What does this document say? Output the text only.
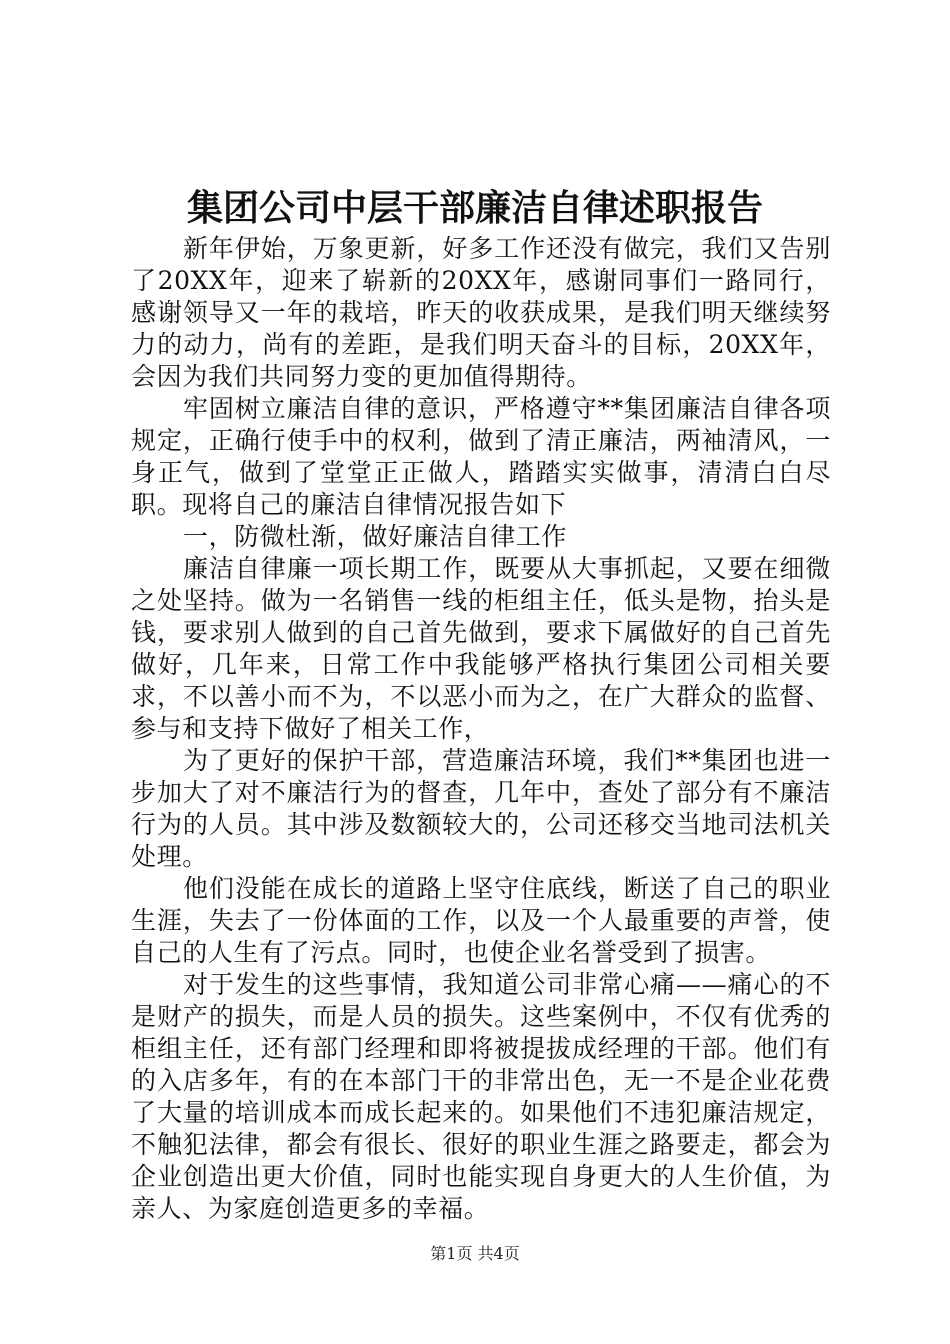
集团公司中层干部廉洁自律述职报告

新年伊始，万象更新，好多工作还没有做完，我们又告别了20XX年，迎来了崭新的20XX年，感谢同事们一路同行，感谢领导又一年的栽培，昨天的收获成果，是我们明天继续努力的动力，尚有的差距，是我们明天奋斗的目标，20XX年，会因为我们共同努力变的更加值得期待。

牢固树立廉洁自律的意识，严格遵守**集团廉洁自律各项规定，正确行使手中的权利，做到了清正廉洁，两袖清风，一身正气，做到了堂堂正正做人，踏踏实实做事，清清白白尽职。现将自己的廉洁自律情况报告如下

一，防微杜渐，做好廉洁自律工作

廉洁自律廉一项长期工作，既要从大事抓起，又要在细微之处坚持。做为一名销售一线的柜组主任，低头是物，抬头是钱，要求别人做到的自己首先做到，要求下属做好的自己首先做好，几年来，日常工作中我能够严格执行集团公司相关要求，不以善小而不为，不以恶小而为之，在广大群众的监督、参与和支持下做好了相关工作，

为了更好的保护干部，营造廉洁环境，我们**集团也进一步加大了对不廉洁行为的督查，几年中，查处了部分有不廉洁行为的人员。其中涉及数额较大的，公司还移交当地司法机关处理。

他们没能在成长的道路上坚守住底线，断送了自己的职业生涯，失去了一份体面的工作，以及一个人最重要的声誉，使自己的人生有了污点。同时，也使企业名誉受到了损害。

对于发生的这些事情，我知道公司非常心痛——痛心的不是财产的损失，而是人员的损失。这些案例中，不仅有优秀的柜组主任，还有部门经理和即将被提拔成经理的干部。他们有的入店多年，有的在本部门干的非常出色，无一不是企业花费了大量的培训成本而成长起来的。如果他们不违犯廉洁规定，不触犯法律，都会有很长、很好的职业生涯之路要走，都会为企业创造出更大价值，同时也能实现自身更大的人生价值，为亲人、为家庭创造更多的幸福。

第1页 共4页
